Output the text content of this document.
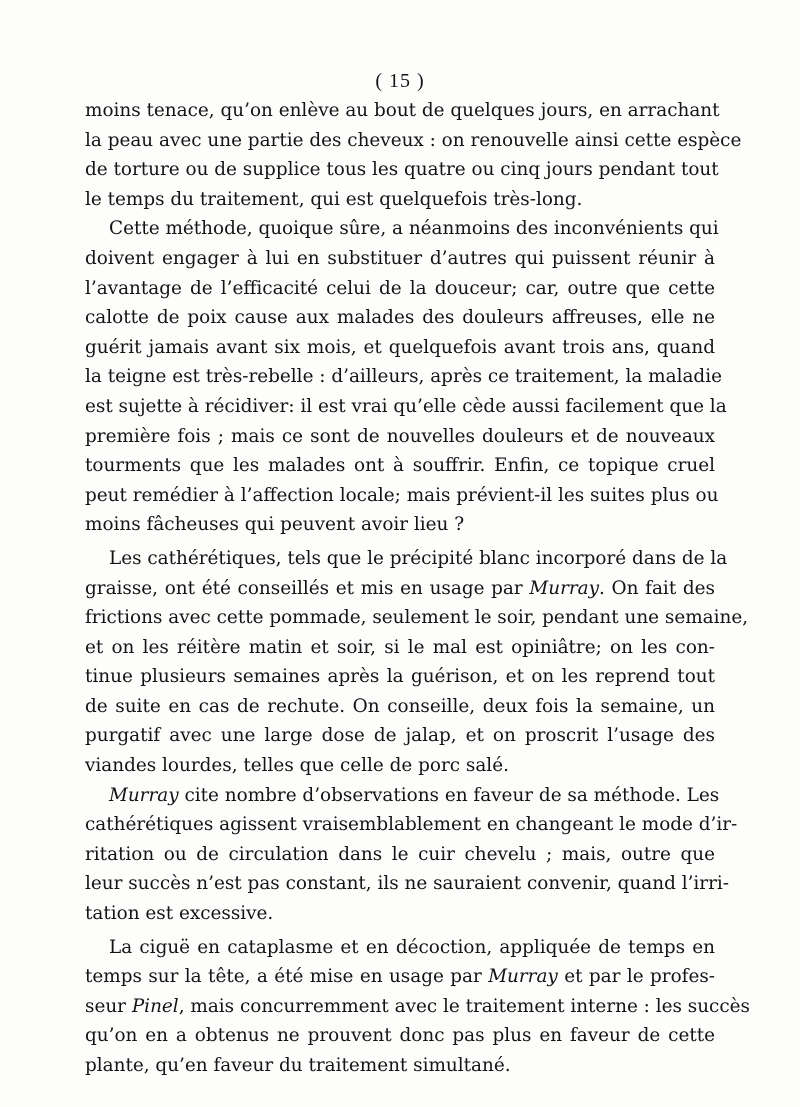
( 15 )
moins tenace, qu’on enlève au bout de quelques jours, en arrachant
la peau avec une partie des cheveux : on renouvelle ainsi cette espèce
de torture ou de supplice tous les quatre ou cinq jours pendant tout
le temps du traitement, qui est quelquefois très-long.
Cette méthode, quoique sûre, a néanmoins des inconvénients qui
doivent engager à lui en substituer d’autres qui puissent réunir à
l’avantage de l’efficacité celui de la douceur; car, outre que cette
calotte de poix cause aux malades des douleurs affreuses, elle ne
guérit jamais avant six mois, et quelquefois avant trois ans, quand
la teigne est très-rebelle : d’ailleurs, après ce traitement, la maladie
est sujette à récidiver: il est vrai qu’elle cède aussi facilement que la
première fois ; mais ce sont de nouvelles douleurs et de nouveaux
tourments que les malades ont à souffrir. Enfin, ce topique cruel
peut remédier à l’affection locale; mais prévient-il les suites plus ou
moins fâcheuses qui peuvent avoir lieu ?
Les cathérétiques, tels que le précipité blanc incorporé dans de la
graisse, ont été conseillés et mis en usage par Murray. On fait des
frictions avec cette pommade, seulement le soir, pendant une semaine,
et on les réitère matin et soir, si le mal est opiniâtre; on les con-
tinue plusieurs semaines après la guérison, et on les reprend tout
de suite en cas de rechute. On conseille, deux fois la semaine, un
purgatif avec une large dose de jalap, et on proscrit l’usage des
viandes lourdes, telles que celle de porc salé.
Murray cite nombre d’observations en faveur de sa méthode. Les
cathérétiques agissent vraisemblablement en changeant le mode d’ir-
ritation ou de circulation dans le cuir chevelu ; mais, outre que
leur succès n’est pas constant, ils ne sauraient convenir, quand l’irri-
tation est excessive.
La ciguë en cataplasme et en décoction, appliquée de temps en
temps sur la tête, a été mise en usage par Murray et par le profes-
seur Pinel, mais concurremment avec le traitement interne : les succès
qu’on en a obtenus ne prouvent donc pas plus en faveur de cette
plante, qu’en faveur du traitement simultané.
